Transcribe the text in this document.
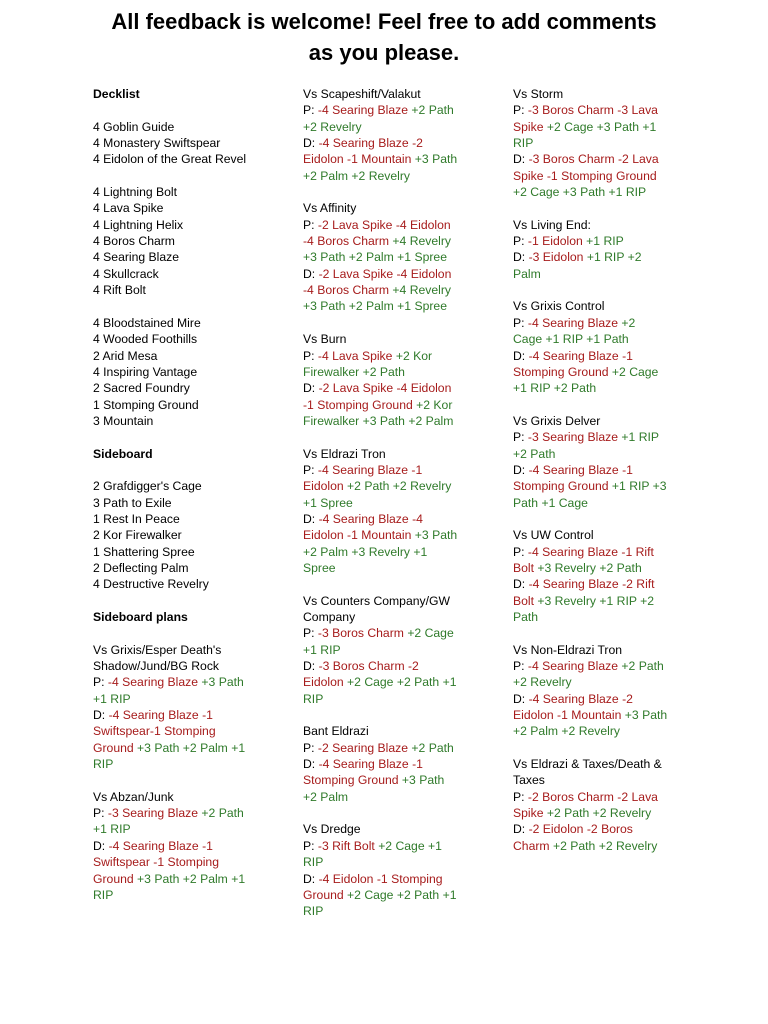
All feedback is welcome! Feel free to add comments
as you please.
Decklist
4 Goblin Guide
4 Monastery Swiftspear
4 Eidolon of the Great Revel
4 Lightning Bolt
4 Lava Spike
4 Lightning Helix
4 Boros Charm
4 Searing Blaze
4 Skullcrack
4 Rift Bolt
4 Bloodstained Mire
4 Wooded Foothills
2 Arid Mesa
4 Inspiring Vantage
2 Sacred Foundry
1 Stomping Ground
3 Mountain
Sideboard
2 Grafdigger's Cage
3 Path to Exile
1 Rest In Peace
2 Kor Firewalker
1 Shattering Spree
2 Deflecting Palm
4 Destructive Revelry
Sideboard plans
Vs Grixis/Esper Death's
Shadow/Jund/BG Rock
P: -4 Searing Blaze +3 Path
+1 RIP
D: -4 Searing Blaze -1
Swiftspear-1 Stomping
Ground +3 Path +2 Palm +1
RIP
Vs Abzan/Junk
P: -3 Searing Blaze +2 Path
+1 RIP
D: -4 Searing Blaze -1
Swiftspear -1 Stomping
Ground +3 Path +2 Palm +1
RIP
Vs Scapeshift/Valakut
P: -4 Searing Blaze +2 Path
+2 Revelry
D: -4 Searing Blaze -2
Eidolon -1 Mountain +3 Path
+2 Palm +2 Revelry
Vs Affinity
P: -2 Lava Spike -4 Eidolon
-4 Boros Charm +4 Revelry
+3 Path +2 Palm +1 Spree
D: -2 Lava Spike -4 Eidolon
-4 Boros Charm +4 Revelry
+3 Path +2 Palm +1 Spree
Vs Burn
P: -4 Lava Spike +2 Kor
Firewalker +2 Path
D: -2 Lava Spike -4 Eidolon
-1 Stomping Ground +2 Kor
Firewalker +3 Path +2 Palm
Vs Eldrazi Tron
P: -4 Searing Blaze -1
Eidolon +2 Path +2 Revelry
+1 Spree
D: -4 Searing Blaze -4
Eidolon -1 Mountain +3 Path
+2 Palm +3 Revelry +1
Spree
Vs Counters Company/GW
Company
P: -3 Boros Charm +2 Cage
+1 RIP
D: -3 Boros Charm -2
Eidolon +2 Cage +2 Path +1
RIP
Bant Eldrazi
P: -2 Searing Blaze +2 Path
D: -4 Searing Blaze -1
Stomping Ground +3 Path
+2 Palm
Vs Dredge
P: -3 Rift Bolt +2 Cage +1
RIP
D: -4 Eidolon -1 Stomping
Ground +2 Cage +2 Path +1
RIP
Vs Storm
P: -3 Boros Charm -3 Lava
Spike +2 Cage +3 Path +1
RIP
D: -3 Boros Charm -2 Lava
Spike -1 Stomping Ground
+2 Cage +3 Path +1 RIP
Vs Living End:
P: -1 Eidolon +1 RIP
D: -3 Eidolon +1 RIP +2
Palm
Vs Grixis Control
P: -4 Searing Blaze +2
Cage +1 RIP +1 Path
D: -4 Searing Blaze -1
Stomping Ground +2 Cage
+1 RIP +2 Path
Vs Grixis Delver
P: -3 Searing Blaze +1 RIP
+2 Path
D: -4 Searing Blaze -1
Stomping Ground +1 RIP +3
Path +1 Cage
Vs UW Control
P: -4 Searing Blaze -1 Rift
Bolt +3 Revelry +2 Path
D: -4 Searing Blaze -2 Rift
Bolt +3 Revelry +1 RIP +2
Path
Vs Non-Eldrazi Tron
P: -4 Searing Blaze +2 Path
+2 Revelry
D: -4 Searing Blaze -2
Eidolon -1 Mountain +3 Path
+2 Palm +2 Revelry
Vs Eldrazi & Taxes/Death &
Taxes
P: -2 Boros Charm -2 Lava
Spike +2 Path +2 Revelry
D: -2 Eidolon -2 Boros
Charm +2 Path +2 Revelry
